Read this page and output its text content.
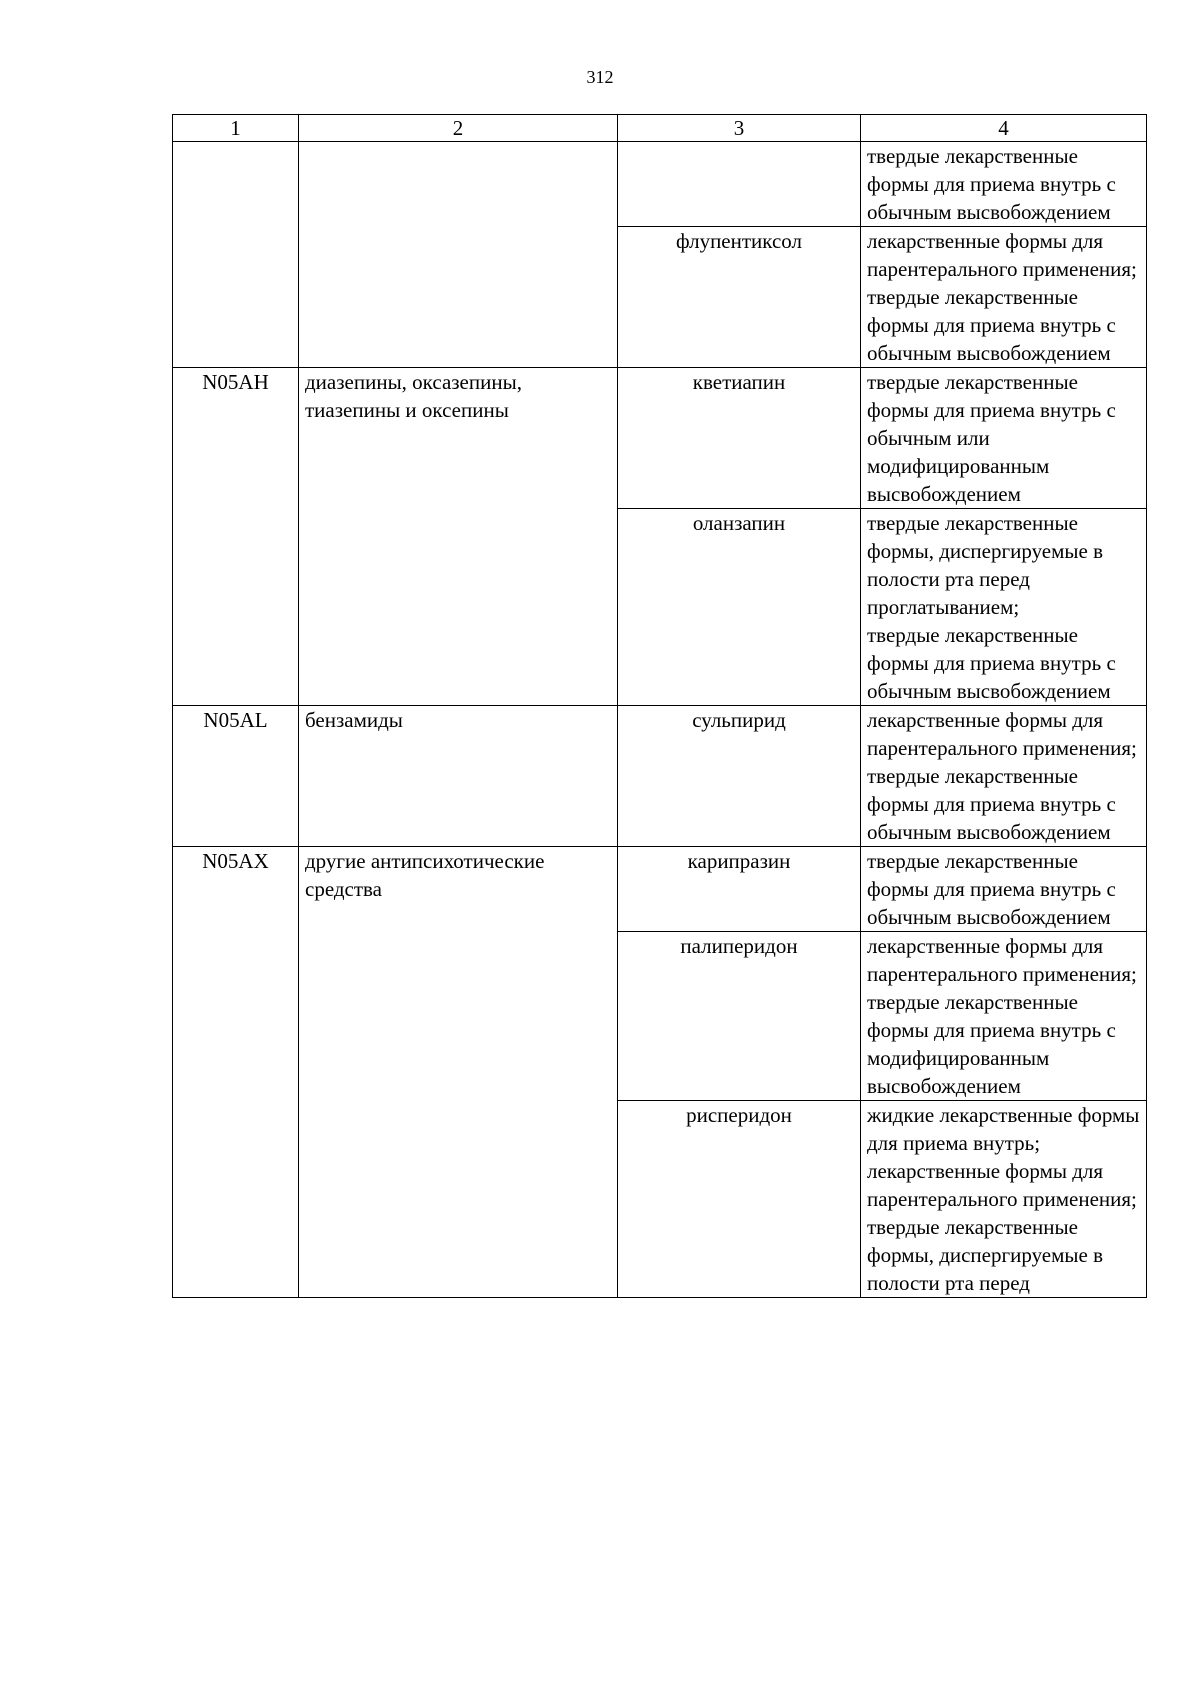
312
1	2	3	4

			твердые лекарственные формы для приема внутрь с обычным высвобождением

		флупентиксол	лекарственные формы для парентерального применения;
твердые лекарственные формы для приема внутрь с обычным высвобождением

N05AH	диазепины, оксазепины, тиазепины и оксепины	кветиапин	твердые лекарственные формы для приема внутрь с обычным или модифицированным высвобождением

		оланзапин	твердые лекарственные формы, диспергируемые в полости рта перед проглатыванием;
твердые лекарственные формы для приема внутрь с обычным высвобождением

N05AL	бензамиды	сульпирид	лекарственные формы для парентерального применения;
твердые лекарственные формы для приема внутрь с обычным высвобождением

N05AX	другие антипсихотические средства	карипразин	твердые лекарственные формы для приема внутрь с обычным высвобождением

		палиперидон	лекарственные формы для парентерального применения;
твердые лекарственные формы для приема внутрь с модифицированным высвобождением

		рисперидон	жидкие лекарственные формы для приема внутрь;
лекарственные формы для парентерального применения;
твердые лекарственные формы, диспергируемые в полости рта перед
